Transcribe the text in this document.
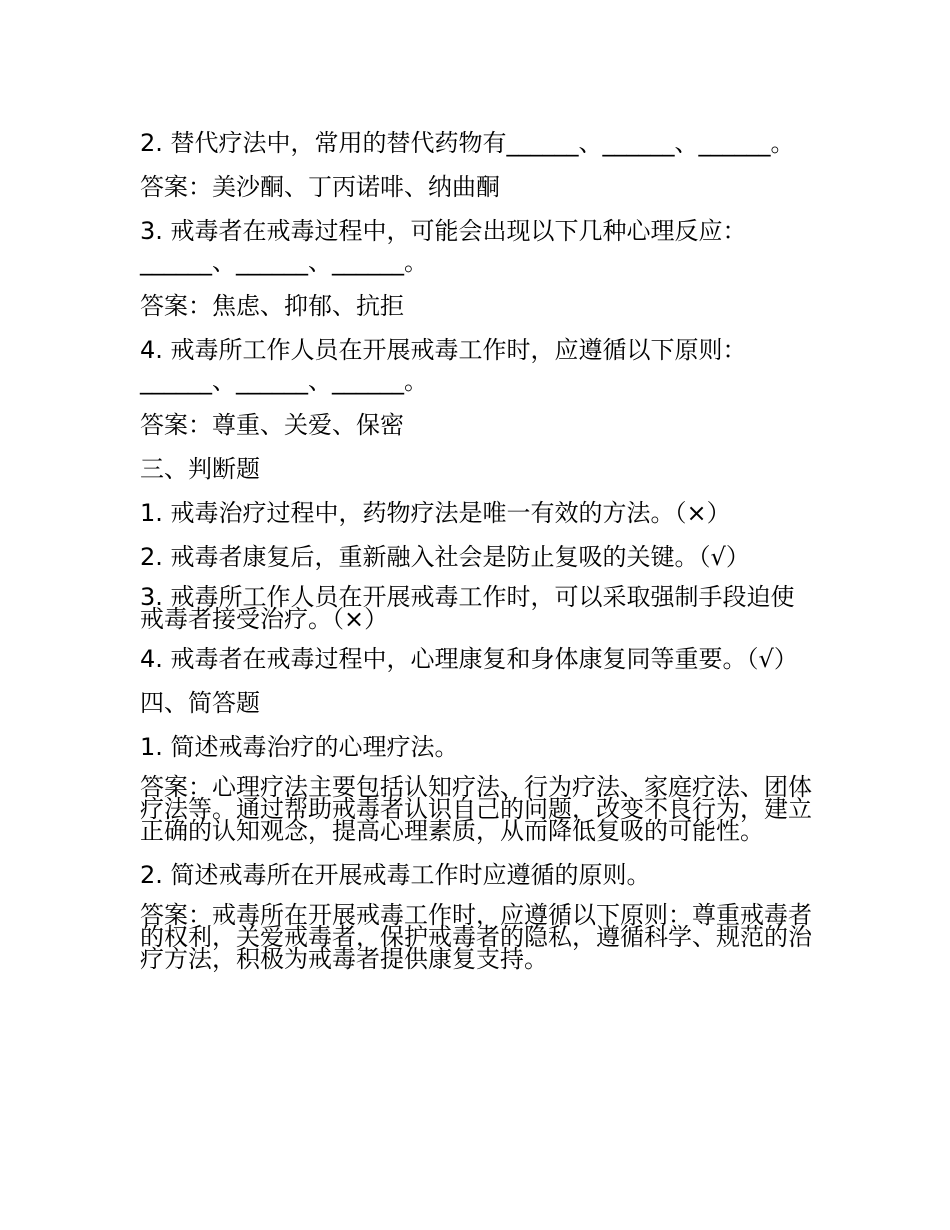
2. 替代疗法中，常用的替代药物有______、______、______。

答案：美沙酮、丁丙诺啡、纳曲酮

3. 戒毒者在戒毒过程中，可能会出现以下几种心理反应：______、______、______。

答案：焦虑、抑郁、抗拒

4. 戒毒所工作人员在开展戒毒工作时，应遵循以下原则：______、______、______。

答案：尊重、关爱、保密

三、判断题

1. 戒毒治疗过程中，药物疗法是唯一有效的方法。（×）

2. 戒毒者康复后，重新融入社会是防止复吸的关键。（√）

3. 戒毒所工作人员在开展戒毒工作时，可以采取强制手段迫使戒毒者接受治疗。（×）

4. 戒毒者在戒毒过程中，心理康复和身体康复同等重要。（√）

四、简答题

1. 简述戒毒治疗的心理疗法。

答案：心理疗法主要包括认知疗法、行为疗法、家庭疗法、团体疗法等。通过帮助戒毒者认识自己的问题，改变不良行为，建立正确的认知观念，提高心理素质，从而降低复吸的可能性。

2. 简述戒毒所在开展戒毒工作时应遵循的原则。

答案：戒毒所在开展戒毒工作时，应遵循以下原则：尊重戒毒者的权利，关爱戒毒者，保护戒毒者的隐私，遵循科学、规范的治疗方法，积极为戒毒者提供康复支持。
